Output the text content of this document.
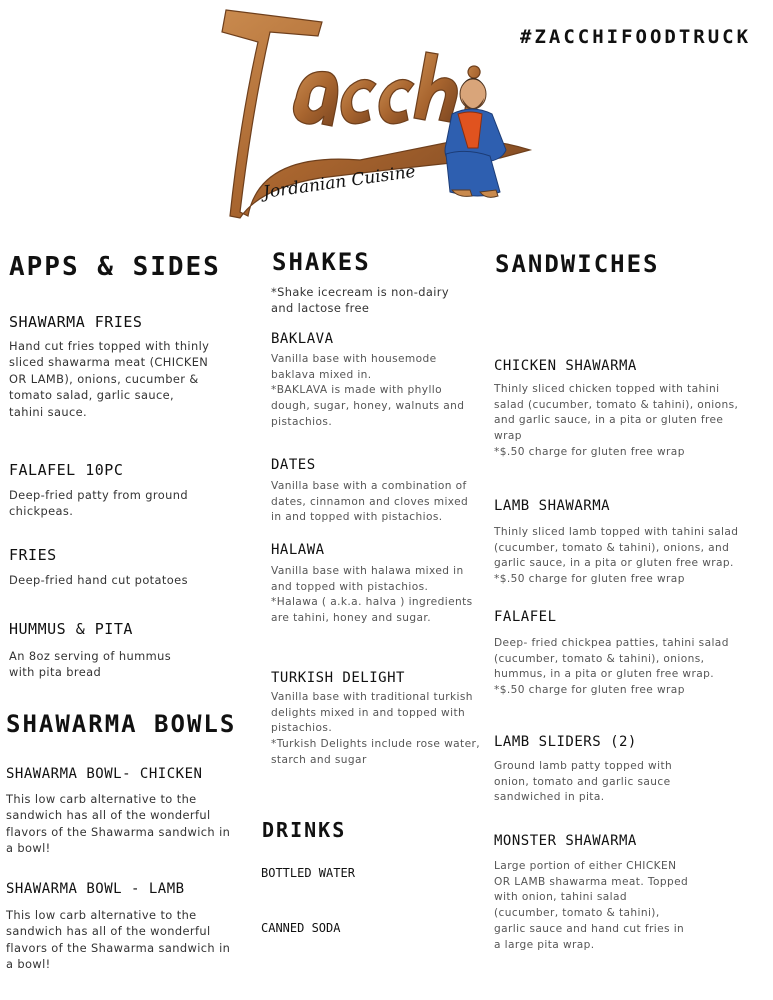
Jordanian Cuisine
#ZACCHIFOODTRUCK
APPS & SIDES
SHAWARMA FRIES
Hand cut fries topped with thinly
sliced shawarma meat (CHICKEN
OR LAMB), onions, cucumber &
tomato salad, garlic sauce,
tahini sauce.
FALAFEL 10PC
Deep-fried patty from ground
chickpeas.
FRIES
Deep-fried hand cut potatoes
HUMMUS & PITA
An 8oz serving of hummus
with pita bread
SHAWARMA BOWLS
SHAWARMA BOWL- CHICKEN
This low carb alternative to the
sandwich has all of the wonderful
flavors of the Shawarma sandwich in
a bowl!
SHAWARMA BOWL - LAMB
This low carb alternative to the
sandwich has all of the wonderful
flavors of the Shawarma sandwich in
a bowl!
SHAKES
*Shake icecream is non-dairy
and lactose free
BAKLAVA
Vanilla base with housemode
baklava mixed in.
*BAKLAVA is made with phyllo
dough, sugar, honey, walnuts and
pistachios.
DATES
Vanilla base with a combination of
dates, cinnamon and cloves mixed
in and topped with pistachios.
HALAWA
Vanilla base with halawa mixed in
and topped with pistachios.
*Halawa ( a.k.a. halva ) ingredients
are tahini, honey and sugar.
TURKISH DELIGHT
Vanilla base with traditional turkish
delights mixed in and topped with
pistachios.
*Turkish Delights include rose water,
starch and sugar
DRINKS
BOTTLED WATER
CANNED SODA
SANDWICHES
CHICKEN SHAWARMA
Thinly sliced chicken topped with tahini
salad (cucumber, tomato & tahini), onions,
and garlic sauce, in a pita or gluten free
wrap
*$.50 charge for gluten free wrap
LAMB SHAWARMA
Thinly sliced lamb topped with tahini salad
(cucumber, tomato & tahini), onions, and
garlic sauce, in a pita or gluten free wrap.
*$.50 charge for gluten free wrap
FALAFEL
Deep- fried chickpea patties, tahini salad
(cucumber, tomato & tahini), onions,
hummus, in a pita or gluten free wrap.
*$.50 charge for gluten free wrap
LAMB SLIDERS (2)
Ground lamb patty topped with
onion, tomato and garlic sauce
sandwiched in pita.
MONSTER SHAWARMA
Large portion of either CHICKEN
OR LAMB shawarma meat. Topped
with onion, tahini salad
(cucumber, tomato & tahini),
garlic sauce and hand cut fries in
a large pita wrap.
